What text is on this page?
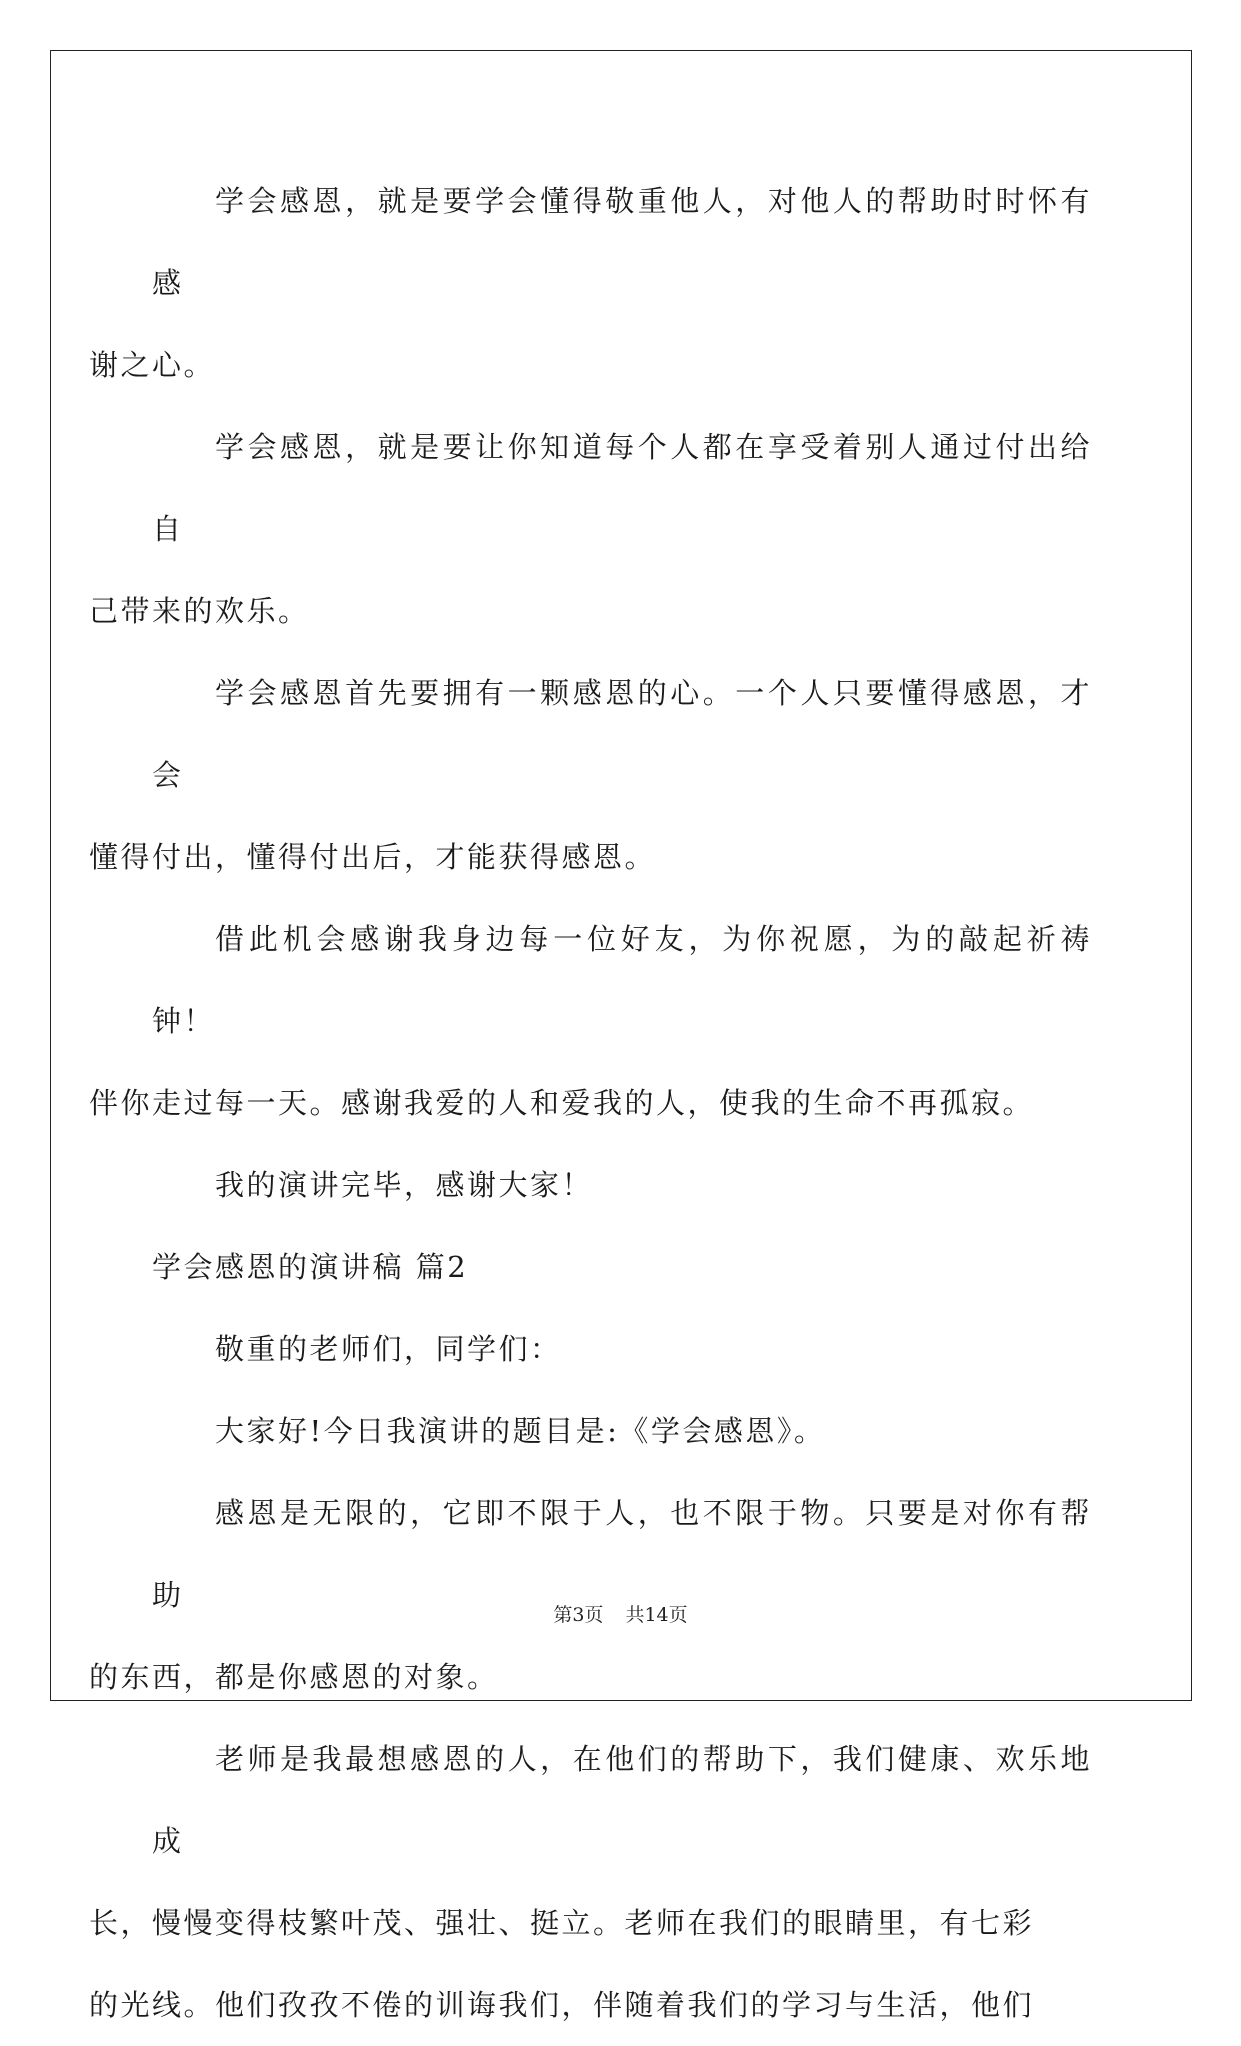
学会感恩，就是要学会懂得敬重他人，对他人的帮助时时怀有感
谢之心。

学会感恩，就是要让你知道每个人都在享受着别人通过付出给自
己带来的欢乐。

学会感恩首先要拥有一颗感恩的心。一个人只要懂得感恩，才会
懂得付出，懂得付出后，才能获得感恩。

借此机会感谢我身边每一位好友，为你祝愿，为的敲起祈祷钟！
伴你走过每一天。感谢我爱的人和爱我的人，使我的生命不再孤寂。

我的演讲完毕，感谢大家！

学会感恩的演讲稿 篇2

敬重的老师们，同学们：

大家好!今日我演讲的题目是:《学会感恩》。

感恩是无限的，它即不限于人，也不限于物。只要是对你有帮助
的东西，都是你感恩的对象。

老师是我最想感恩的人，在他们的帮助下，我们健康、欢乐地成
长，慢慢变得枝繁叶茂、强壮、挺立。老师在我们的眼睛里，有七彩
的光线。他们孜孜不倦的训诲我们，伴随着我们的学习与生活，他们

第3页 共14页
